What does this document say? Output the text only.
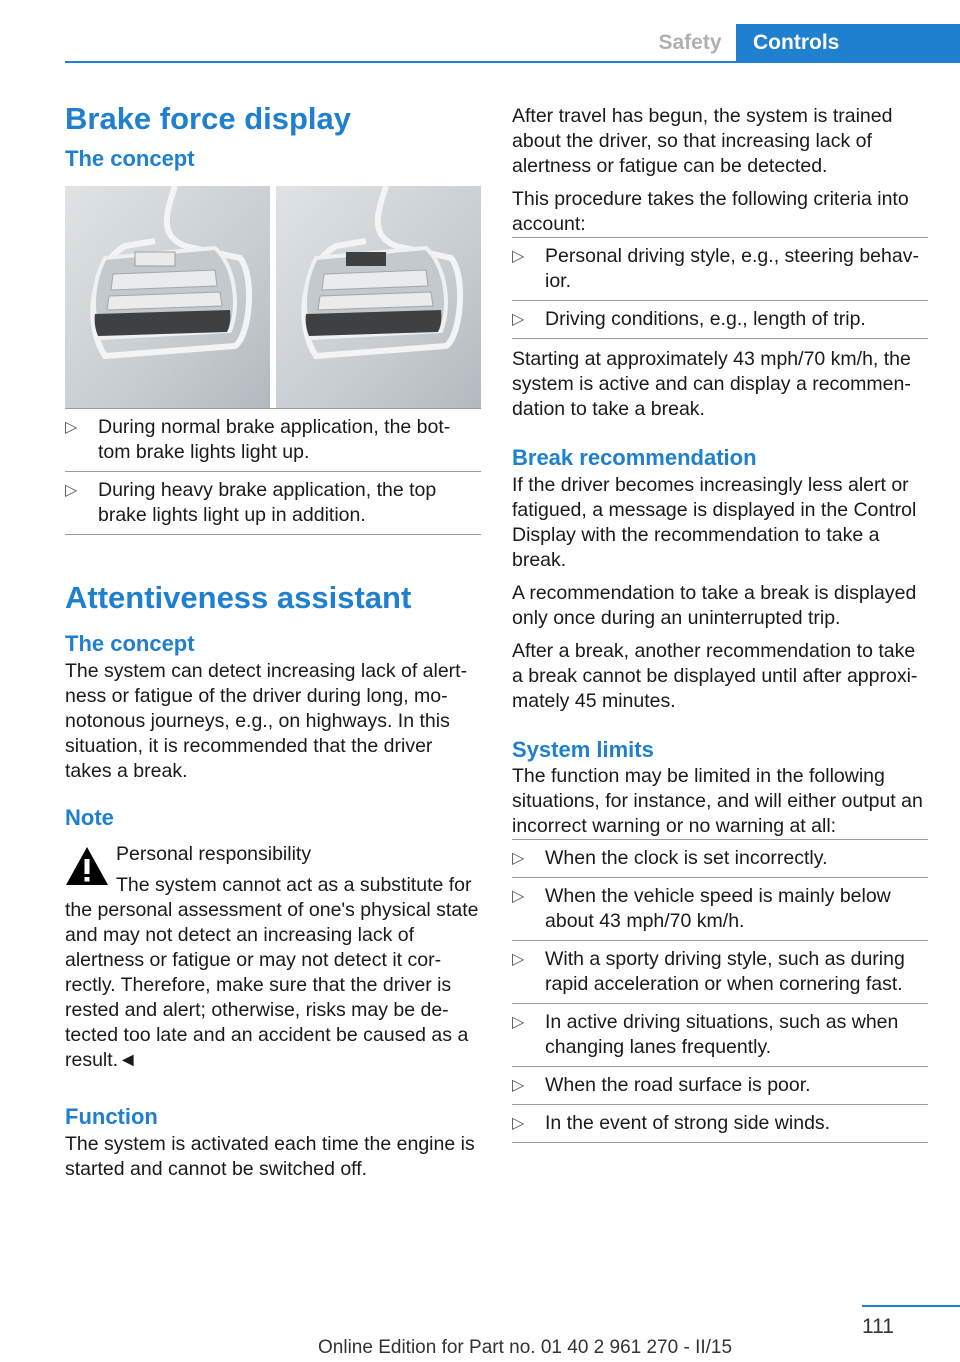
Safety	Controls
Brake force display
The concept
▷ During normal brake application, the bot‐tom brake lights light up.
▷ During heavy brake application, the top brake lights light up in addition.
Attentiveness assistant
The concept

The system can detect increasing lack of alert‐ness or fatigue of the driver during long, mo‐notonous journeys, e.g., on highways. In this situation, it is recommended that the driver takes a break.

Note

Personal responsibility

The system cannot act as a substitute for the personal assessment of one's physical state and may not detect an increasing lack of alertness or fatigue or may not detect it cor‐rectly. Therefore, make sure that the driver is rested and alert; otherwise, risks may be de‐tected too late and an accident be caused as a result.◄

Function

The system is activated each time the engine is started and cannot be switched off.

After travel has begun, the system is trained about the driver, so that increasing lack of alertness or fatigue can be detected.

This procedure takes the following criteria into account:

▷ Personal driving style, e.g., steering behav‐ior.
▷ Driving conditions, e.g., length of trip.

Starting at approximately 43 mph/70 km/h, the system is active and can display a recommen‐dation to take a break.

Break recommendation

If the driver becomes increasingly less alert or fatigued, a message is displayed in the Control Display with the recommendation to take a break.

A recommendation to take a break is displayed only once during an uninterrupted trip.

After a break, another recommendation to take a break cannot be displayed until after approxi‐mately 45 minutes.

System limits

The function may be limited in the following situations, for instance, and will either output an incorrect warning or no warning at all:

▷ When the clock is set incorrectly.
▷ When the vehicle speed is mainly below about 43 mph/70 km/h.
▷ With a sporty driving style, such as during rapid acceleration or when cornering fast.
▷ In active driving situations, such as when changing lanes frequently.
▷ When the road surface is poor.
▷ In the event of strong side winds.
111
Online Edition for Part no. 01 40 2 961 270 - II/15
